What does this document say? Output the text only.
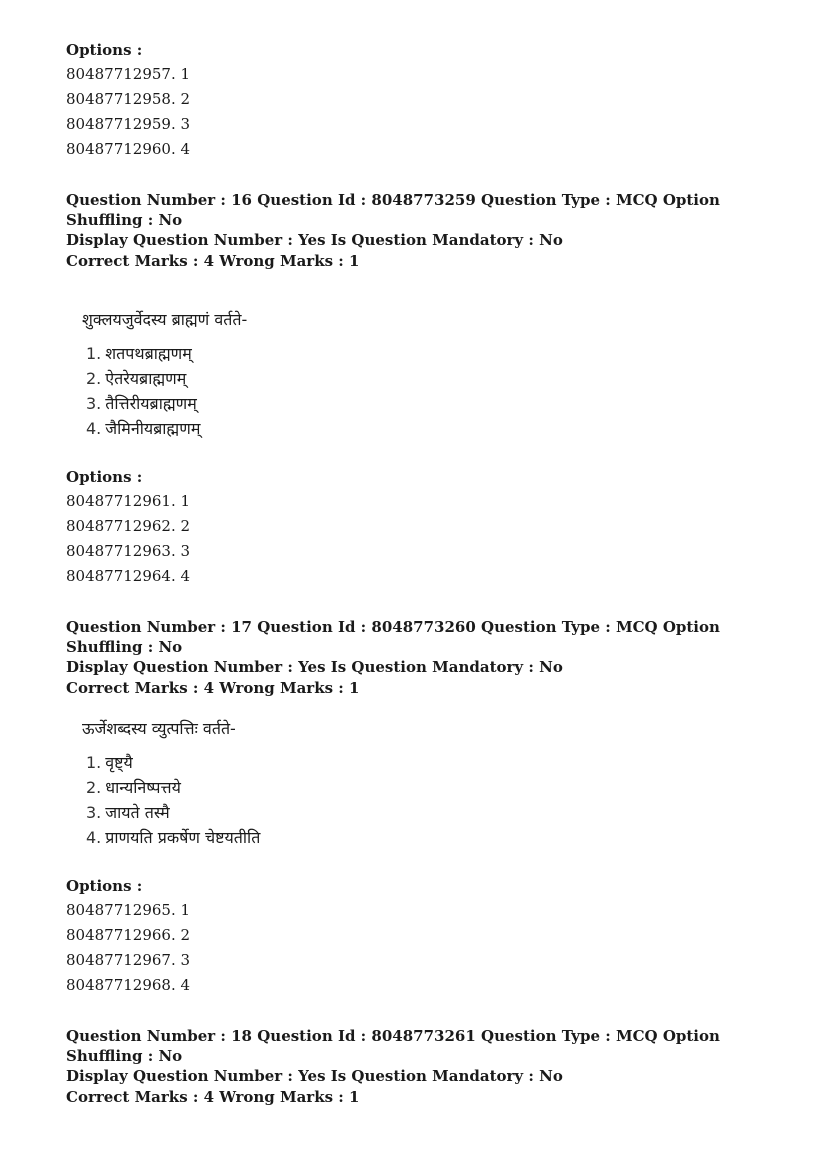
Options :

80487712957. 1

80487712958. 2

80487712959. 3

80487712960. 4

Question Number : 16 Question Id : 8048773259 Question Type : MCQ Option Shuffling : No

Display Question Number : Yes Is Question Mandatory : No

Correct Marks : 4 Wrong Marks : 1

शुक्लयजुर्वेदस्य ब्राह्मणं वर्तते-

1. शतपथब्राह्मणम्
2. ऐतरेयब्राह्मणम्
3. तैत्तिरीयब्राह्मणम्
4. जैमिनीयब्राह्मणम्

Options :

80487712961. 1

80487712962. 2

80487712963. 3

80487712964. 4

Question Number : 17 Question Id : 8048773260 Question Type : MCQ Option Shuffling : No

Display Question Number : Yes Is Question Mandatory : No

Correct Marks : 4 Wrong Marks : 1

ऊर्जेशब्दस्य व्युत्पत्तिः वर्तते-

1. वृष्ट्यै
2. धान्यनिष्पत्तये
3. जायते तस्मै
4. प्राणयति प्रकर्षेण चेष्टयतीति

Options :

80487712965. 1

80487712966. 2

80487712967. 3

80487712968. 4

Question Number : 18 Question Id : 8048773261 Question Type : MCQ Option Shuffling : No

Display Question Number : Yes Is Question Mandatory : No

Correct Marks : 4 Wrong Marks : 1
